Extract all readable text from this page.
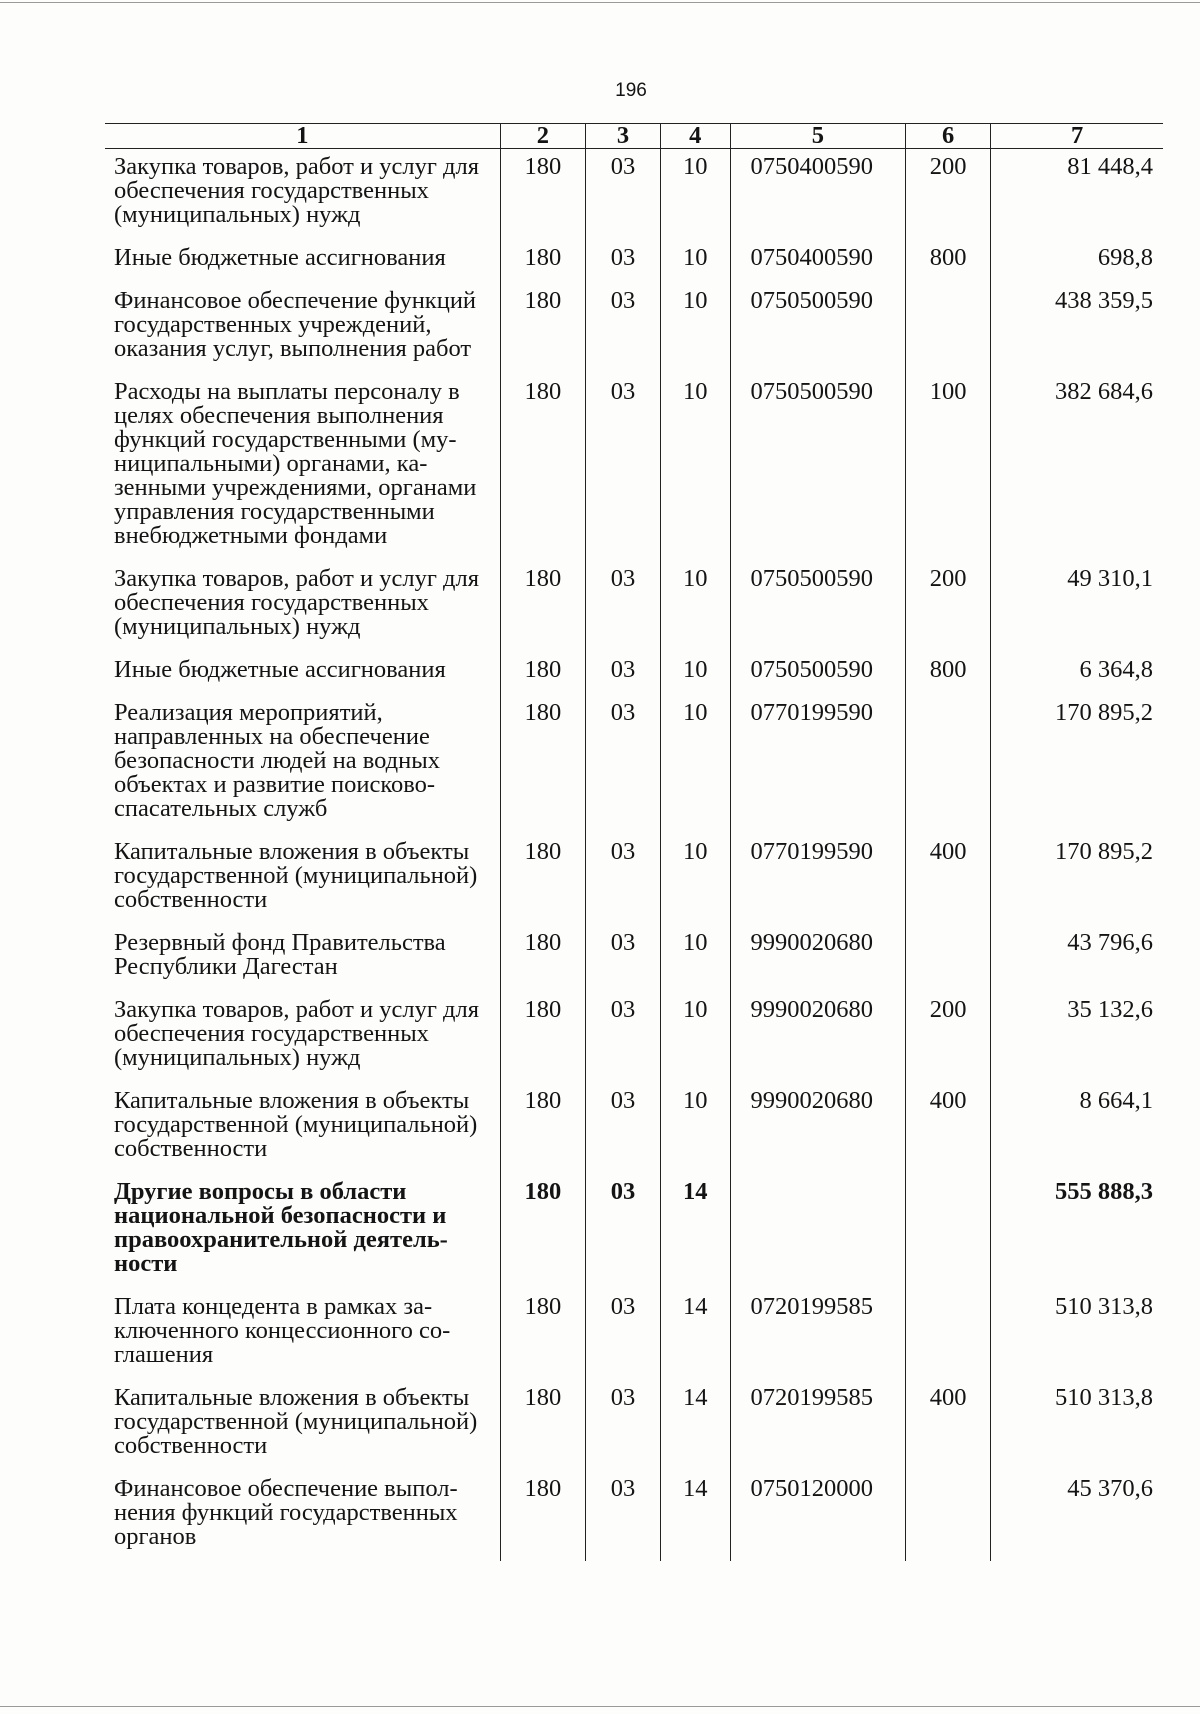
196
1	2	3	4	5	6	7
Закупка товаров, работ и услуг для обеспечения государственных (муниципальных) нужд	180	03	10	0750400590	200	81 448,4
Иные бюджетные ассигнования	180	03	10	0750400590	800	698,8
Финансовое обеспечение функций государственных учреждений, оказания услуг, выполнения работ	180	03	10	0750500590		438 359,5
Расходы на выплаты персоналу в целях обеспечения выполнения функций государственными (муниципальными) органами, казенными учреждениями, органами управления государственными внебюджетными фондами	180	03	10	0750500590	100	382 684,6
Закупка товаров, работ и услуг для обеспечения государственных (муниципальных) нужд	180	03	10	0750500590	200	49 310,1
Иные бюджетные ассигнования	180	03	10	0750500590	800	6 364,8
Реализация мероприятий, направленных на обеспечение безопасности людей на водных объектах и развитие поисково-спасательных служб	180	03	10	0770199590		170 895,2
Капитальные вложения в объекты государственной (муниципальной) собственности	180	03	10	0770199590	400	170 895,2
Резервный фонд Правительства Республики Дагестан	180	03	10	9990020680		43 796,6
Закупка товаров, работ и услуг для обеспечения государственных (муниципальных) нужд	180	03	10	9990020680	200	35 132,6
Капитальные вложения в объекты государственной (муниципальной) собственности	180	03	10	9990020680	400	8 664,1
Другие вопросы в области национальной безопасности и правоохранительной деятельности	180	03	14			555 888,3
Плата концедента в рамках заключенного концессионного соглашения	180	03	14	0720199585		510 313,8
Капитальные вложения в объекты государственной (муниципальной) собственности	180	03	14	0720199585	400	510 313,8
Финансовое обеспечение выполнения функций государственных органов	180	03	14	0750120000		45 370,6
